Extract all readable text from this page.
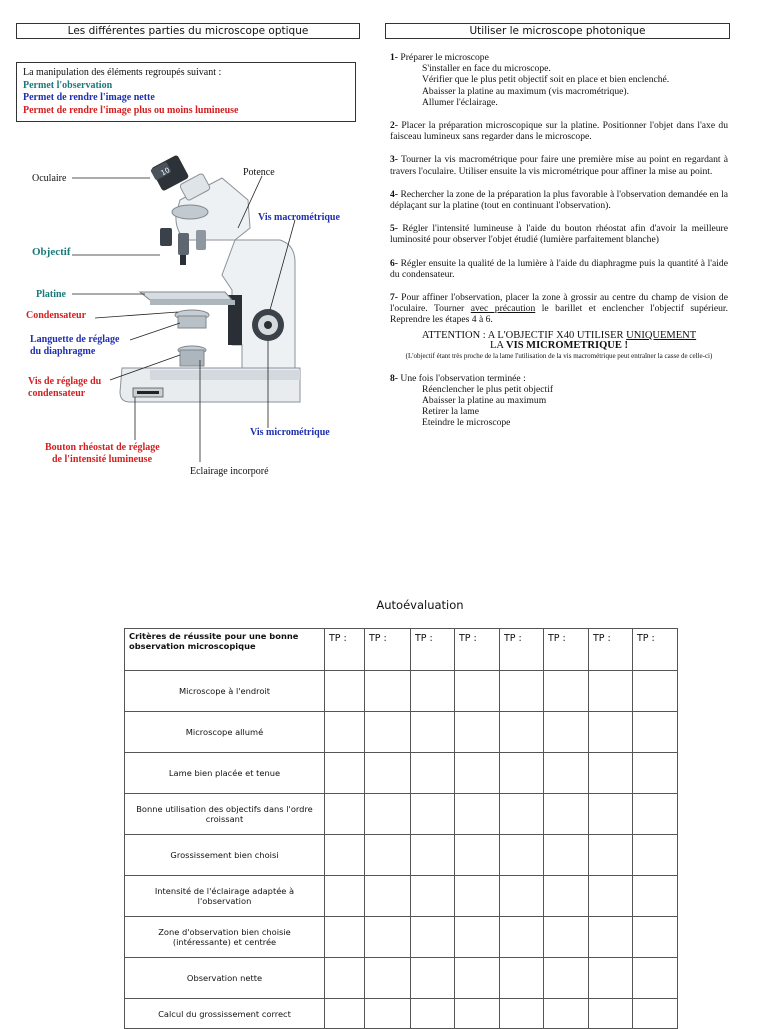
Les différentes parties du microscope optique	Utiliser le microscope photonique
La manipulation des éléments regroupés suivant :
Permet l'observation
Permet de rendre l'image nette
Permet de rendre l'image plus ou moins lumineuse
10
Oculaire
Potence
Vis macrométrique
Objectif
Platine
Condensateur
Languette de réglage
du diaphragme
Vis de réglage du
condensateur
Vis micrométrique
Bouton rhéostat de réglage
de l'intensité lumineuse
Eclairage incorporé
1- Préparer le microscope
S'installer en face du microscope.
Vérifier que le plus petit objectif soit en place et bien enclenché.
Abaisser la platine au maximum (vis macrométrique).
Allumer l'éclairage.
2- Placer la préparation microscopique sur la platine. Positionner l'objet dans l'axe du faisceau lumineux sans regarder dans le microscope.
3- Tourner la vis macrométrique pour faire une première mise au point en regardant à travers l'oculaire. Utiliser ensuite la vis micrométrique pour affiner la mise au point.
4- Rechercher la zone de la préparation la plus favorable à l'observation demandée en la déplaçant sur la platine (tout en continuant l'observation).
5- Régler l'intensité lumineuse à l'aide du bouton rhéostat afin d'avoir la meilleure luminosité pour observer l'objet étudié (lumière parfaitement blanche)
6- Régler ensuite la qualité de la lumière à l'aide du diaphragme puis la quantité à l'aide du condensateur.
7- Pour affiner l'observation, placer la zone à grossir au centre du champ de vision de l'oculaire. Tourner avec précaution le barillet et enclencher l'objectif supérieur. Reprendre les étapes 4 à 6.
ATTENTION : A L'OBJECTIF X40 UTILISER UNIQUEMENT
LA VIS MICROMETRIQUE !
(L'objectif étant très proche de la lame l'utilisation de la vis macrométrique peut entraîner la casse de celle-ci)
8- Une fois l'observation terminée :
Réenclencher le plus petit objectif
Abaisser la platine au maximum
Retirer la lame
Eteindre le microscope
Autoévaluation
Critères de réussite pour une bonne observation microscopique	TP :	TP :	TP :	TP :	TP :	TP :	TP :	TP :
Microscope à l'endroit								
Microscope allumé								
Lame bien placée et tenue								
Bonne utilisation des objectifs dans l'ordre croissant								
Grossissement bien choisi								
Intensité de l'éclairage adaptée à l'observation								
Zone d'observation bien choisie (intéressante) et centrée								
Observation nette								
Calcul du grossissement correct								
